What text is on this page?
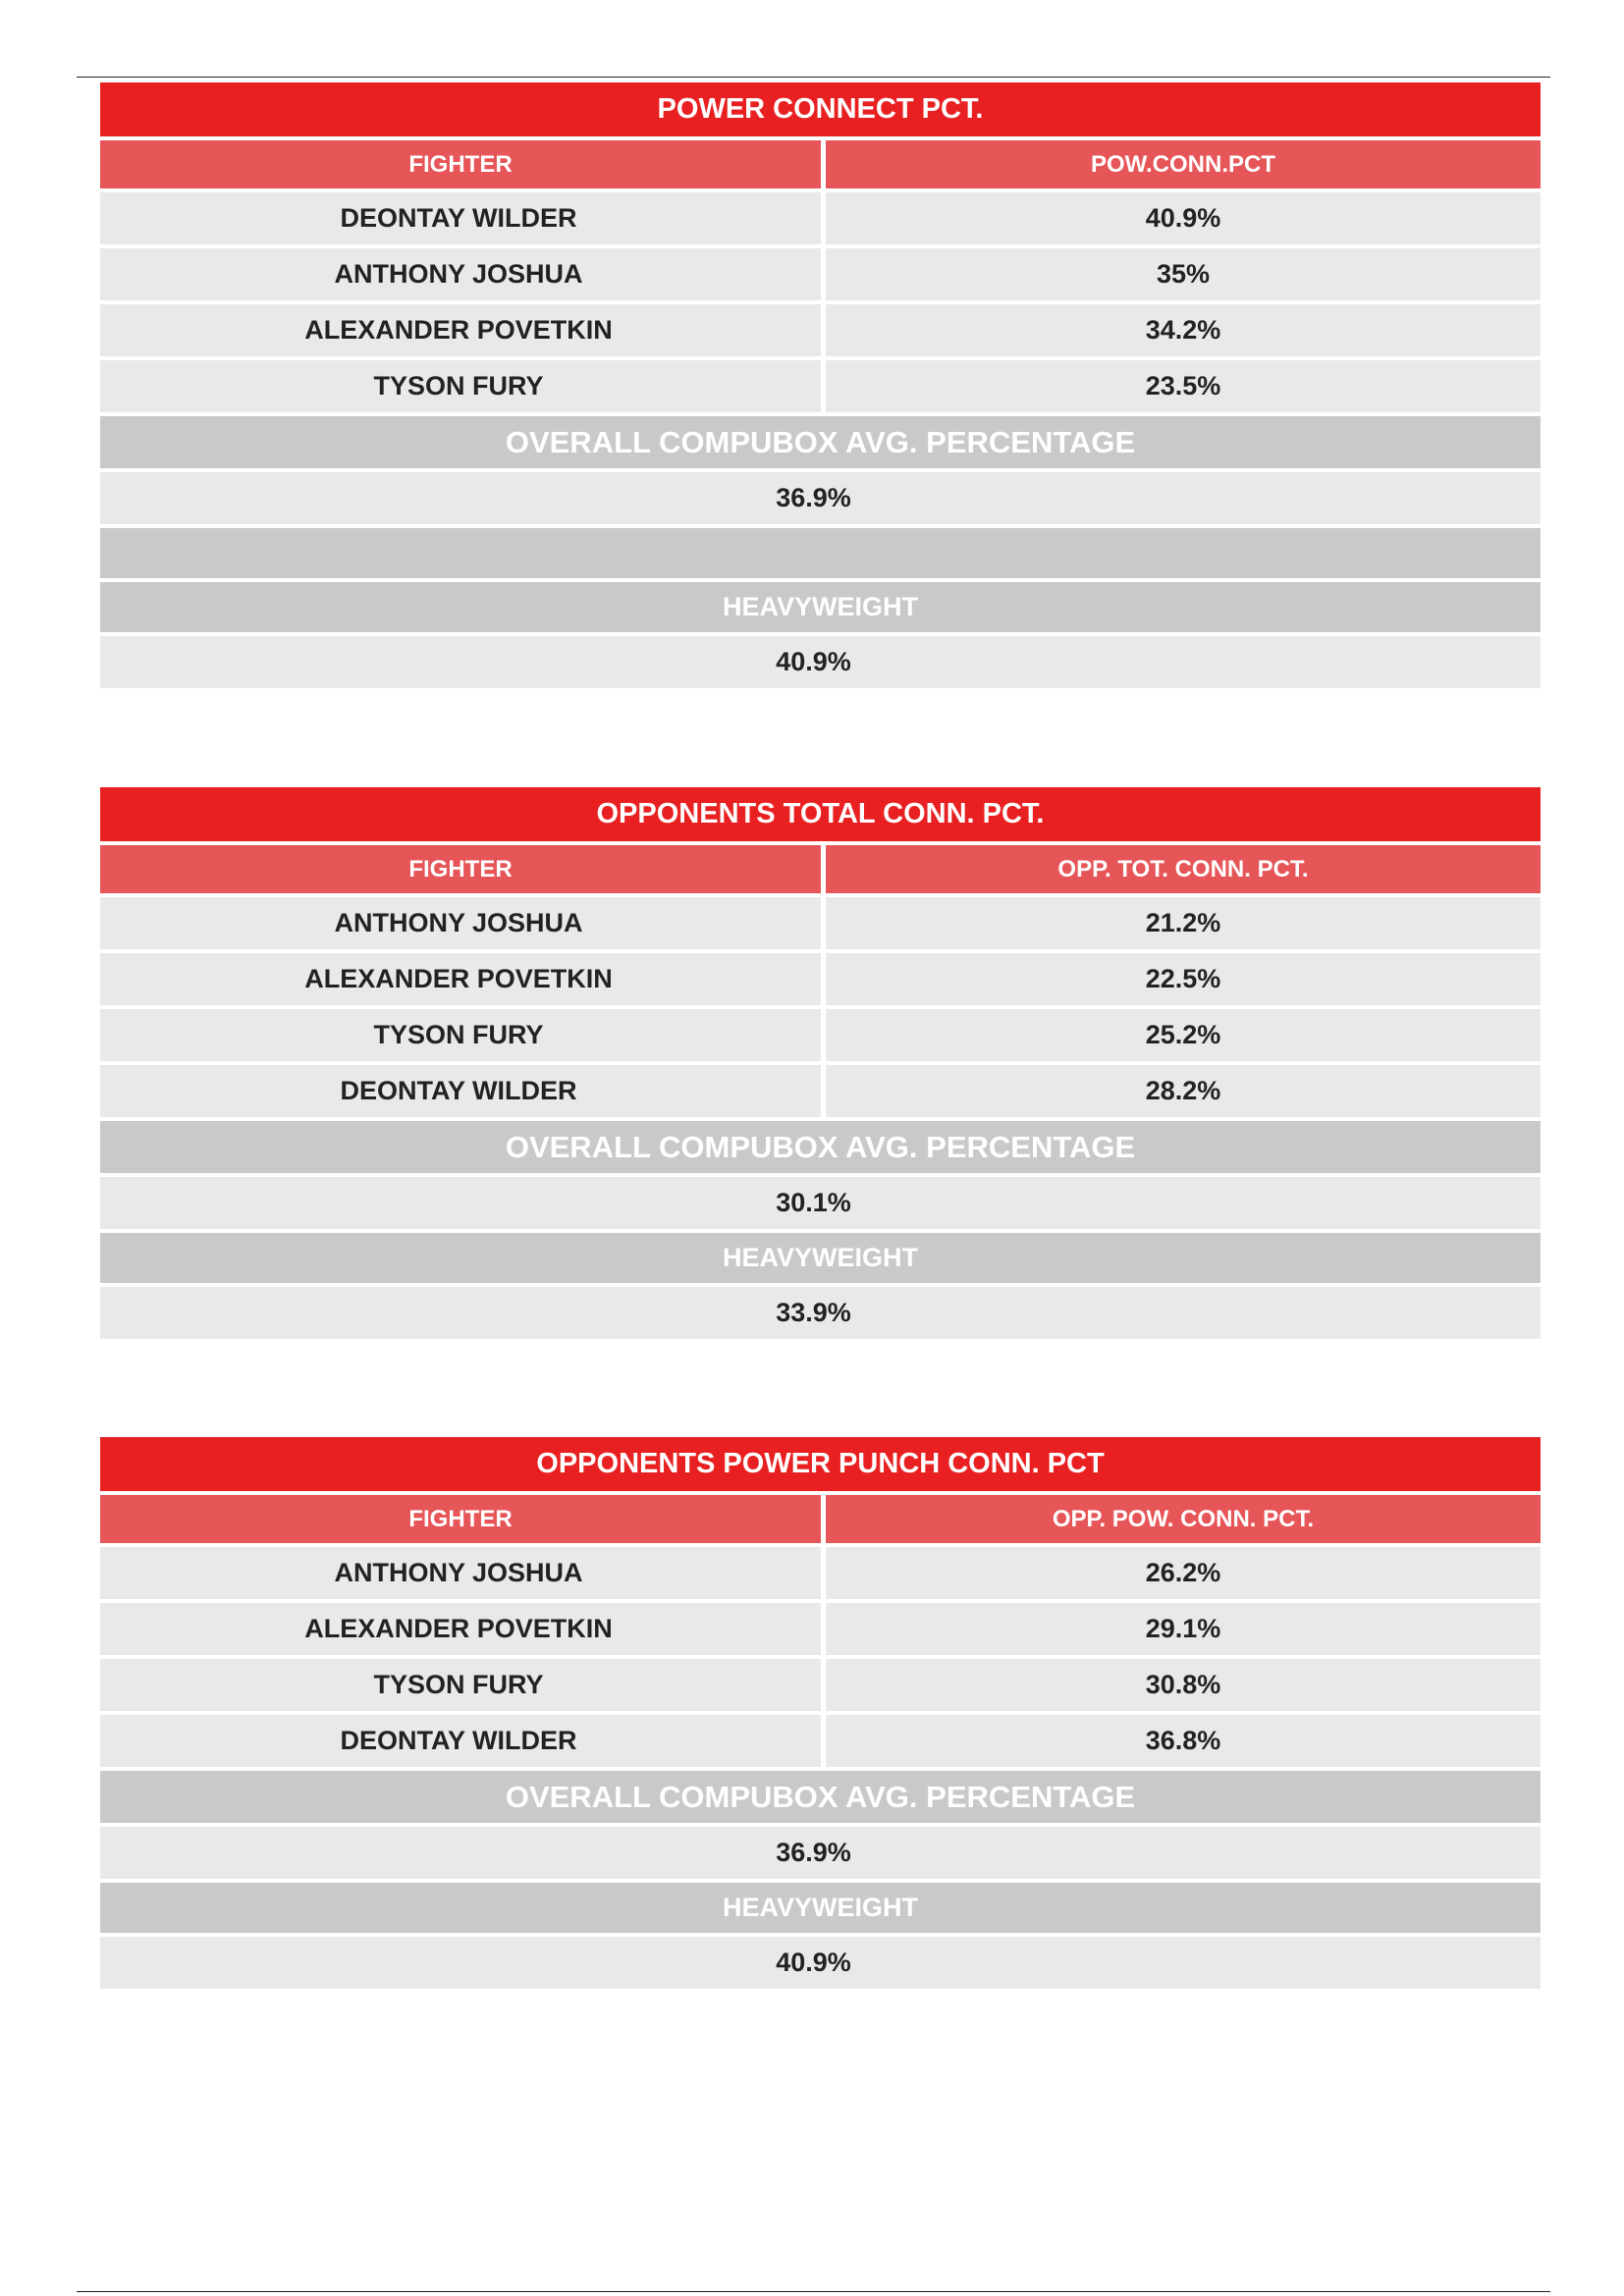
POWER CONNECT PCT.
FIGHTER	POW.CONN.PCT
DEONTAY WILDER	40.9%
ANTHONY JOSHUA	35%
ALEXANDER POVETKIN	34.2%
TYSON FURY	23.5%
OVERALL COMPUBOX AVG. PERCENTAGE
36.9%
HEAVYWEIGHT
40.9%
OPPONENTS TOTAL CONN. PCT.
FIGHTER	OPP. TOT. CONN. PCT.
ANTHONY JOSHUA	21.2%
ALEXANDER POVETKIN	22.5%
TYSON FURY	25.2%
DEONTAY WILDER	28.2%
OVERALL COMPUBOX AVG. PERCENTAGE
30.1%
HEAVYWEIGHT
33.9%
OPPONENTS POWER PUNCH CONN. PCT
FIGHTER	OPP. POW. CONN. PCT.
ANTHONY JOSHUA	26.2%
ALEXANDER POVETKIN	29.1%
TYSON FURY	30.8%
DEONTAY WILDER	36.8%
OVERALL COMPUBOX AVG. PERCENTAGE
36.9%
HEAVYWEIGHT
40.9%
